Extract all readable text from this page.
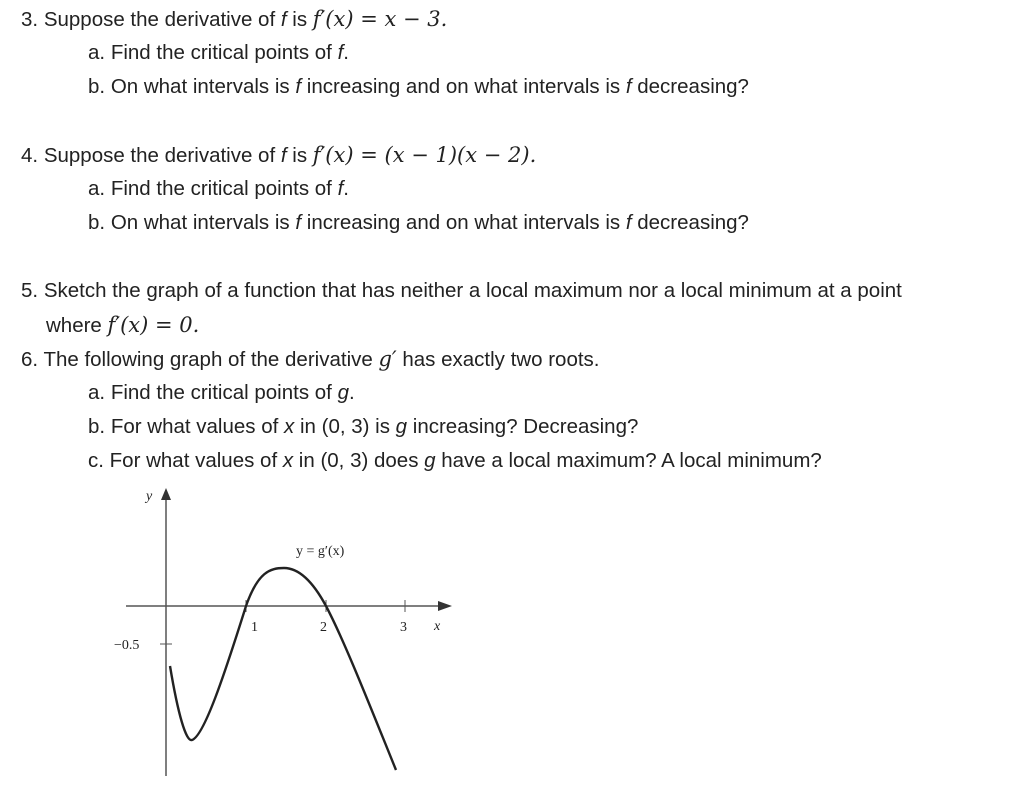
3. Suppose the derivative of f is f′(x) = x − 3.
a. Find the critical points of f.
b. On what intervals is f increasing and on what intervals is f decreasing?
4. Suppose the derivative of f is f′(x) = (x − 1)(x − 2).
a. Find the critical points of f.
b. On what intervals is f increasing and on what intervals is f decreasing?
5. Sketch the graph of a function that has neither a local maximum nor a local minimum at a point
where f′(x) = 0.
6. The following graph of the derivative g′ has exactly two roots.
a. Find the critical points of g.
b. For what values of x in (0, 3) is g increasing? Decreasing?
c. For what values of x in (0, 3) does g have a local maximum? A local minimum?
y
x
1	2	3
−0.5
y = g′(x)
